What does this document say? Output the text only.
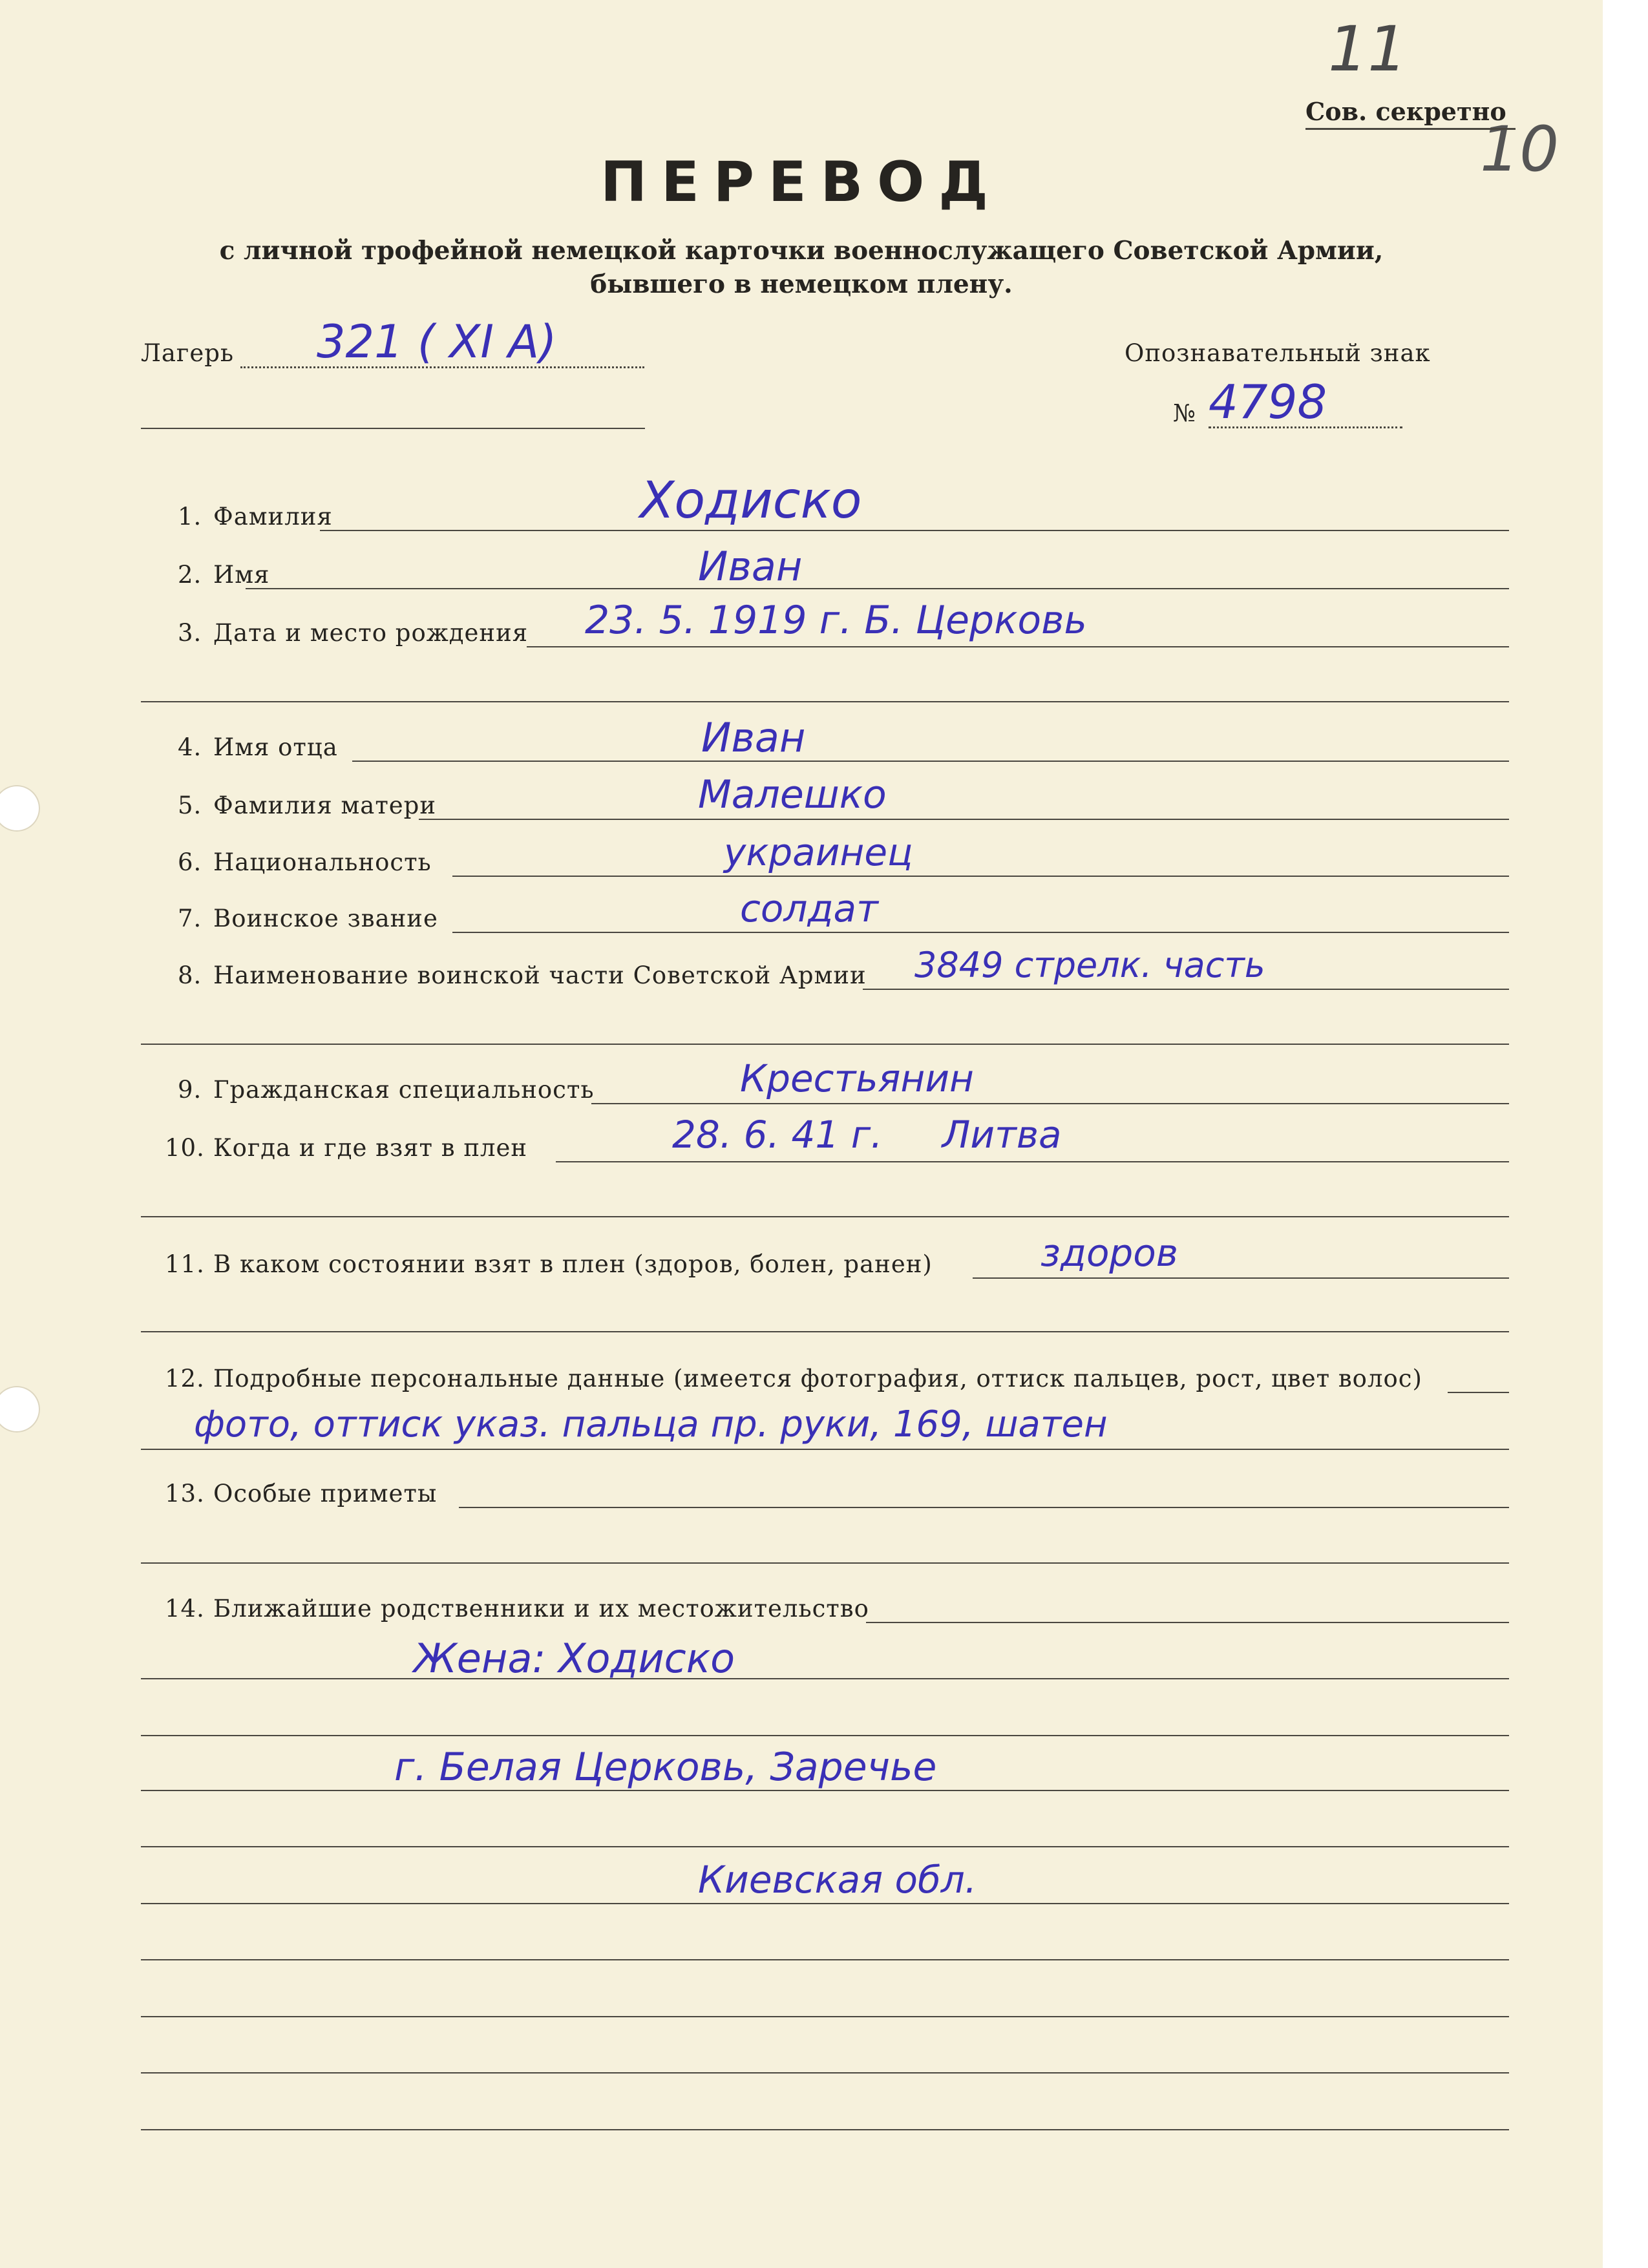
11
10
Сов. секретно
ПЕРЕВОД
с личной трофейной немецкой карточки военнослужащего Советской Армии,
бывшего в немецком плену.
Лагерь 321 ( XI A)	Опознавательный знак
№ 4798
1. Фамилия	Ходиско
2. Имя	Иван
3. Дата и место рождения 23. 5. 1919 г. Б. Церковь
4. Имя отца	Иван
5. Фамилия матери	Малешко
6. Национальность	украинец
7. Воинское звание	солдат
8. Наименование воинской части Советской Армии 3849 стрелк. часть
9. Гражданская специальность	Крестьянин
10. Когда и где взят в плен	28. 6. 41 г.     Литва
11. В каком состоянии взят в плен (здоров, болен, ранен)	здоров
12. Подробные персональные данные (имеется фотография, оттиск пальцев, рост, цвет волос)
фото, оттиск указ. пальца пр. руки, 169, шатен
13. Особые приметы
14. Ближайшие родственники и их местожительство
Жена: Ходиско
г. Белая Церковь, Заречье
Киевская обл.
